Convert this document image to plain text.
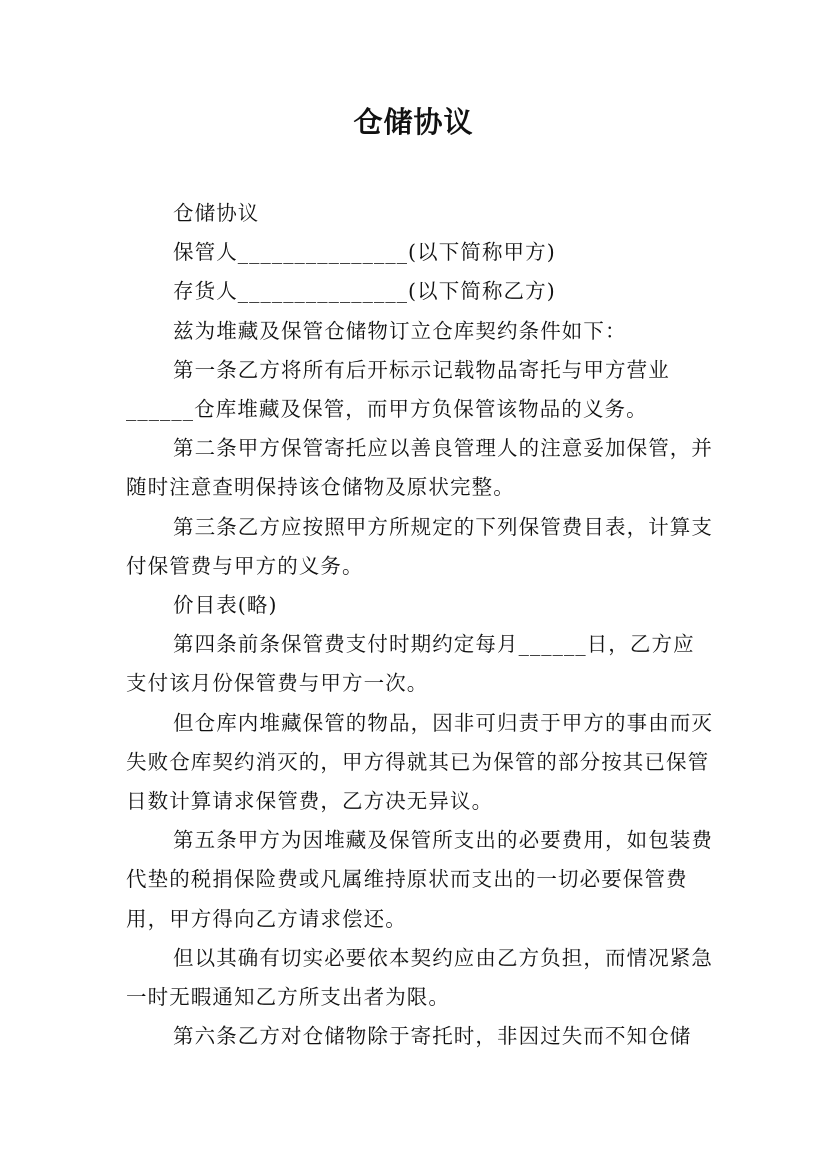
仓储协议

仓储协议

保管人_______________(以下简称甲方)

存货人_______________(以下简称乙方)

兹为堆藏及保管仓储物订立仓库契约条件如下：

第一条乙方将所有后开标示记载物品寄托与甲方营业______仓库堆藏及保管，而甲方负保管该物品的义务。

第二条甲方保管寄托应以善良管理人的注意妥加保管，并随时注意查明保持该仓储物及原状完整。

第三条乙方应按照甲方所规定的下列保管费目表，计算支付保管费与甲方的义务。

价目表(略)

第四条前条保管费支付时期约定每月______日，乙方应支付该月份保管费与甲方一次。

但仓库内堆藏保管的物品，因非可归责于甲方的事由而灭失败仓库契约消灭的，甲方得就其已为保管的部分按其已保管日数计算请求保管费，乙方决无异议。

第五条甲方为因堆藏及保管所支出的必要费用，如包装费代垫的税捐保险费或凡属维持原状而支出的一切必要保管费用，甲方得向乙方请求偿还。

但以其确有切实必要依本契约应由乙方负担，而情况紧急一时无暇通知乙方所支出者为限。

第六条乙方对仓储物除于寄托时，非因过失而不知仓储
